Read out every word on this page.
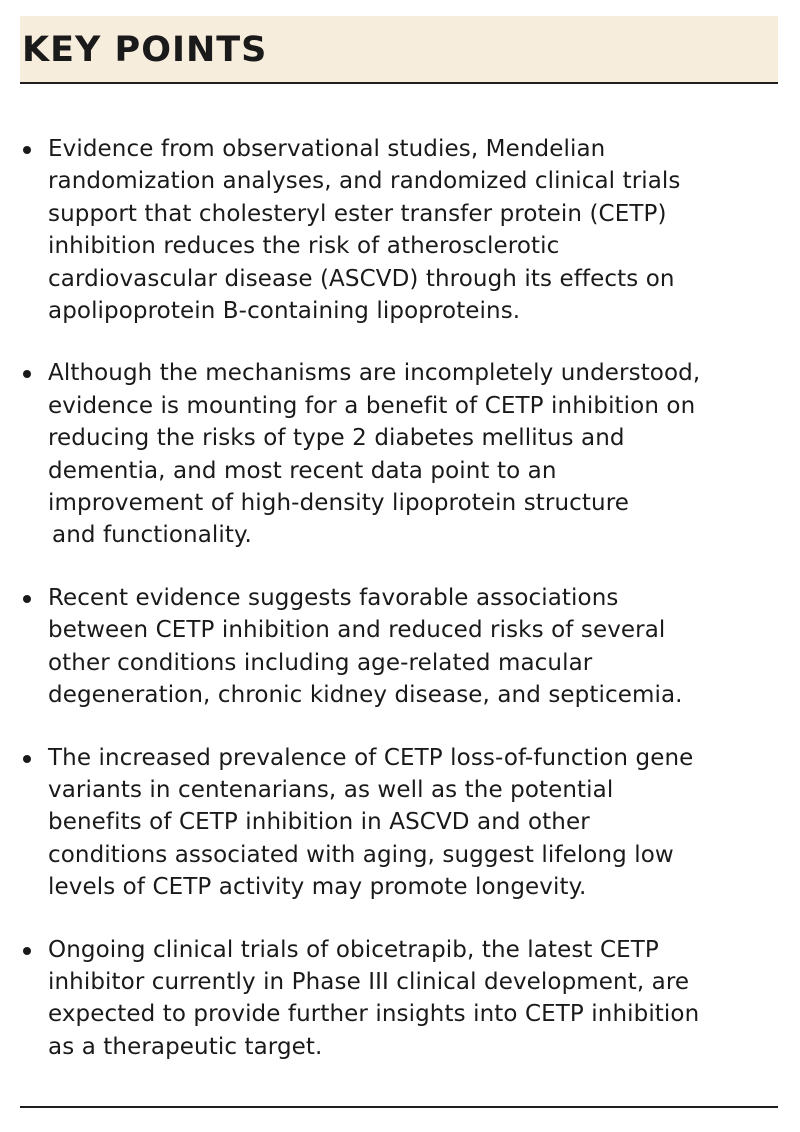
KEY POINTS
Evidence from observational studies, Mendelian
randomization analyses, and randomized clinical trials
support that cholesteryl ester transfer protein (CETP)
inhibition reduces the risk of atherosclerotic
cardiovascular disease (ASCVD) through its effects on
apolipoprotein B-containing lipoproteins.
Although the mechanisms are incompletely understood,
evidence is mounting for a benefit of CETP inhibition on
reducing the risks of type 2 diabetes mellitus and
dementia, and most recent data point to an
improvement of high-density lipoprotein structure
and functionality.
Recent evidence suggests favorable associations
between CETP inhibition and reduced risks of several
other conditions including age-related macular
degeneration, chronic kidney disease, and septicemia.
The increased prevalence of CETP loss-of-function gene
variants in centenarians, as well as the potential
benefits of CETP inhibition in ASCVD and other
conditions associated with aging, suggest lifelong low
levels of CETP activity may promote longevity.
Ongoing clinical trials of obicetrapib, the latest CETP
inhibitor currently in Phase III clinical development, are
expected to provide further insights into CETP inhibition
as a therapeutic target.
